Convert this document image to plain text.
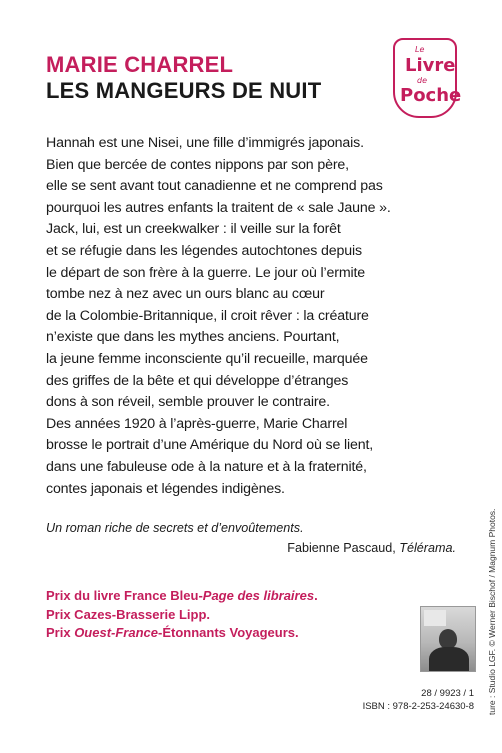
MARIE CHARREL
LES MANGEURS DE NUIT
Le
Livre
de
Poche
Hannah est une Nisei, une fille d’immigrés japonais.
Bien que bercée de contes nippons par son père,
elle se sent avant tout canadienne et ne comprend pas
pourquoi les autres enfants la traitent de « sale Jaune ».
Jack, lui, est un creekwalker : il veille sur la forêt
et se réfugie dans les légendes autochtones depuis
le départ de son frère à la guerre. Le jour où l’ermite
tombe nez à nez avec un ours blanc au cœur
de la Colombie-Britannique, il croit rêver : la créature
n’existe que dans les mythes anciens. Pourtant,
la jeune femme inconsciente qu’il recueille, marquée
des griffes de la bête et qui développe d’étranges
dons à son réveil, semble prouver le contraire.
Des années 1920 à l’après-guerre, Marie Charrel
brosse le portrait d’une Amérique du Nord où se lient,
dans une fabuleuse ode à la nature et à la fraternité,
contes japonais et légendes indigènes.
Un roman riche de secrets et d’envoûtements.
Fabienne Pascaud, Télérama.
Prix du livre France Bleu-Page des libraires.
Prix Cazes-Brasserie Lipp.
Prix Ouest-France-Étonnants Voyageurs.	ture : Studio LGF. © Werner Bischof / Magnum Photos.
28 / 9923 / 1
ISBN : 978-2-253-24630-8
